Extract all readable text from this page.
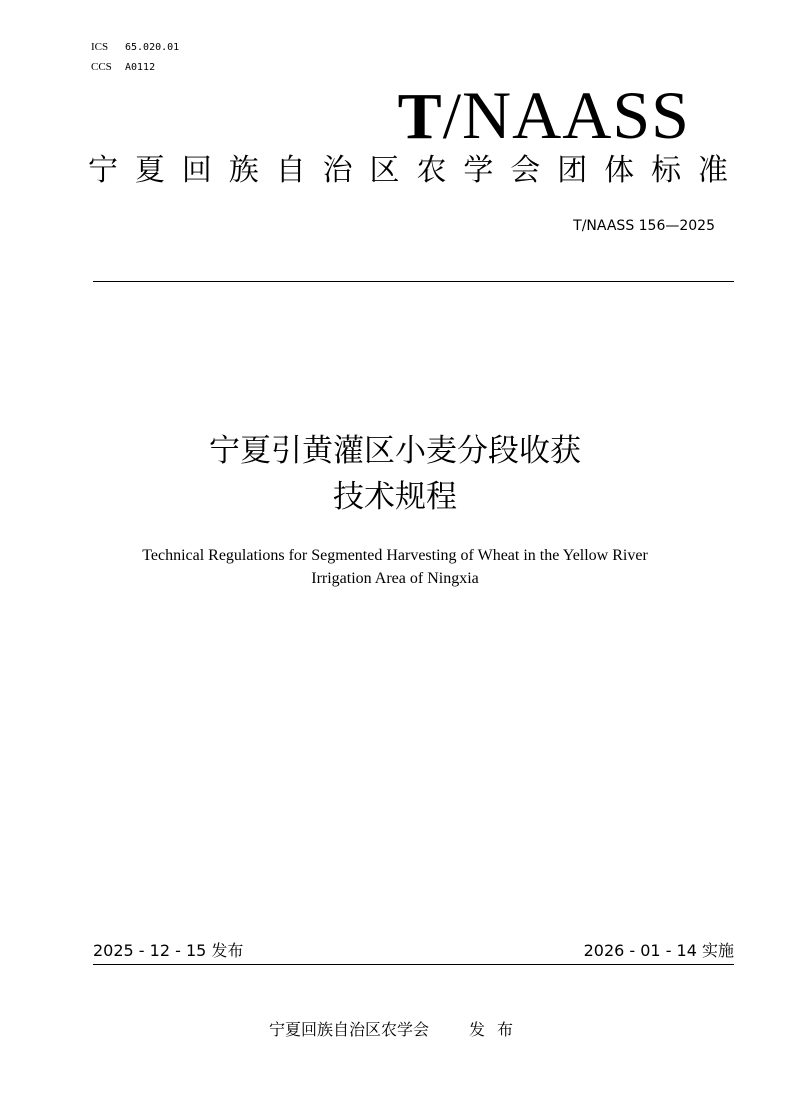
ICS 65.020.01
CCS A0112
T/NAASS
宁 夏 回 族 自 治 区 农 学 会 团 体 标 准
T/NAASS 156—2025
宁夏引黄灌区小麦分段收获
技术规程
Technical Regulations for Segmented Harvesting of Wheat in the Yellow River
Irrigation Area of Ningxia
2025 - 12 - 15 发布	2026 - 01 - 14 实施
宁夏回族自治区农学会	发布
